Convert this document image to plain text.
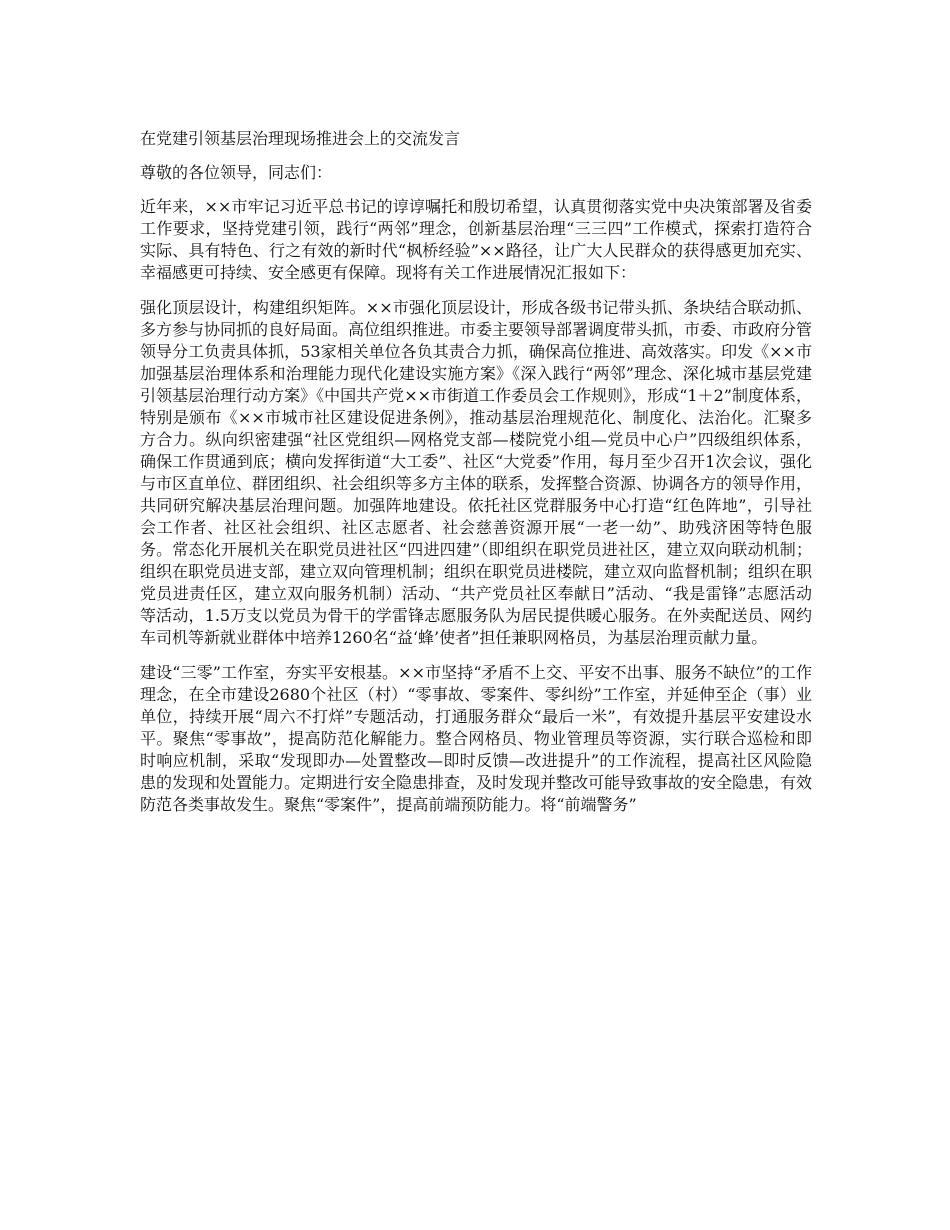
在党建引领基层治理现场推进会上的交流发言

尊敬的各位领导，同志们：

近年来，××市牢记习近平总书记的谆谆嘱托和殷切希望，认真贯彻落实党中央决策部署及省委工作要求，坚持党建引领，践行“两邻”理念，创新基层治理“三三四”工作模式，探索打造符合实际、具有特色、行之有效的新时代“枫桥经验”××路径，让广大人民群众的获得感更加充实、幸福感更可持续、安全感更有保障。现将有关工作进展情况汇报如下：

强化顶层设计，构建组织矩阵。××市强化顶层设计，形成各级书记带头抓、条块结合联动抓、多方参与协同抓的良好局面。高位组织推进。市委主要领导部署调度带头抓，市委、市政府分管领导分工负责具体抓，53家相关单位各负其责合力抓，确保高位推进、高效落实。印发《××市加强基层治理体系和治理能力现代化建设实施方案》《深入践行“两邻”理念、深化城市基层党建引领基层治理行动方案》《中国共产党××市街道工作委员会工作规则》，形成“1＋2”制度体系，特别是颁布《××市城市社区建设促进条例》，推动基层治理规范化、制度化、法治化。汇聚多方合力。纵向织密建强“社区党组织—网格党支部—楼院党小组—党员中心户”四级组织体系，确保工作贯通到底；横向发挥街道“大工委”、社区“大党委”作用，每月至少召开1次会议，强化与市区直单位、群团组织、社会组织等多方主体的联系，发挥整合资源、协调各方的领导作用，共同研究解决基层治理问题。加强阵地建设。依托社区党群服务中心打造“红色阵地”，引导社会工作者、社区社会组织、社区志愿者、社会慈善资源开展“一老一幼”、助残济困等特色服务。常态化开展机关在职党员进社区“四进四建”（即组织在职党员进社区，建立双向联动机制；组织在职党员进支部，建立双向管理机制；组织在职党员进楼院，建立双向监督机制；组织在职党员进责任区，建立双向服务机制）活动、“共产党员社区奉献日”活动、“我是雷锋”志愿活动等活动，1.5万支以党员为骨干的学雷锋志愿服务队为居民提供暖心服务。在外卖配送员、网约车司机等新就业群体中培养1260名“益‘蜂’使者”担任兼职网格员，为基层治理贡献力量。

建设“三零”工作室，夯实平安根基。××市坚持“矛盾不上交、平安不出事、服务不缺位”的工作理念，在全市建设2680个社区（村）“零事故、零案件、零纠纷”工作室，并延伸至企（事）业单位，持续开展“周六不打烊”专题活动，打通服务群众“最后一米”，有效提升基层平安建设水平。聚焦“零事故”，提高防范化解能力。整合网格员、物业管理员等资源，实行联合巡检和即时响应机制，采取“发现即办—处置整改—即时反馈—改进提升”的工作流程，提高社区风险隐患的发现和处置能力。定期进行安全隐患排查，及时发现并整改可能导致事故的安全隐患，有效防范各类事故发生。聚焦“零案件”，提高前端预防能力。将“前端警务”
